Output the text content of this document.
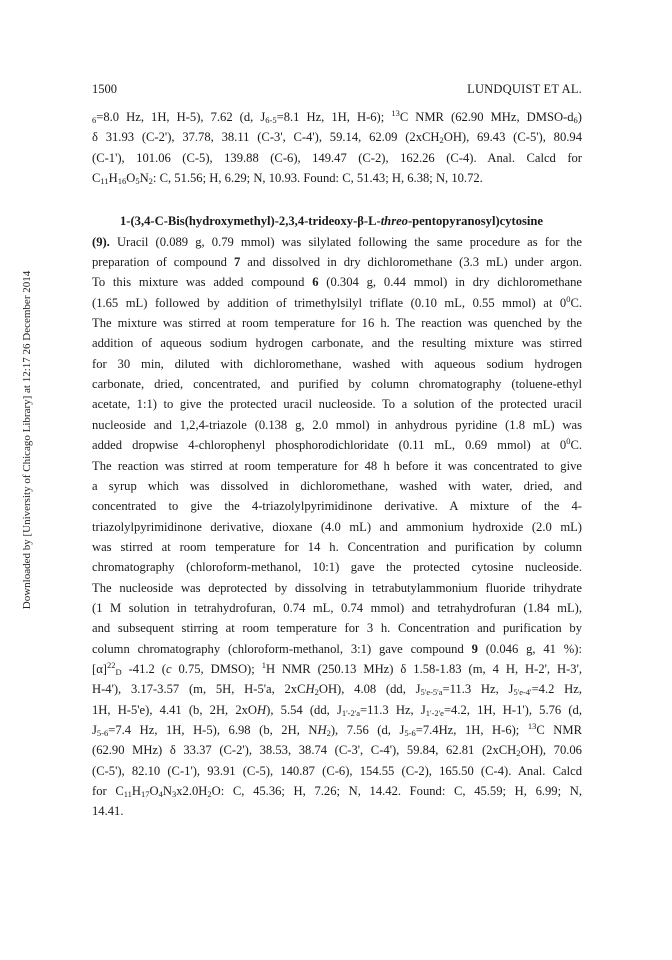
1500	LUNDQUIST ET AL.
Downloaded by [University of Chicago Library] at 12:17 26 December 2014
$_6$=8.0 Hz, 1H, H-5), 7.62 (d, $J_{6-5}=8.1$ Hz, 1H, H-6); $^{13}$C NMR (62.90 MHz, DMSO-$d_6$)
δ 31.93 (C-2'), 37.78, 38.11 (C-3', C-4'), 59.14, 62.09 (2xCH$_2$OH), 69.43 (C-5'), 80.94
(C-1'), 101.06 (C-5), 139.88 (C-6), 149.47 (C-2), 162.26 (C-4). Anal. Calcd for
$C_{11}H_{16}O_5N_2$: C, 51.56; H, 6.29; N, 10.93. Found: C, 51.43; H, 6.38; N, 10.72.
1-(3,4-C-Bis(hydroxymethyl)-2,3,4-trideoxy-β-L-threo-pentopyranosyl)cytosine
(9). Uracil (0.089 g, 0.79 mmol) was silylated following the same procedure as for the
preparation of compound 7 and dissolved in dry dichloromethane (3.3 mL) under argon.
To this mixture was added compound 6 (0.304 g, 0.44 mmol) in dry dichloromethane
(1.65 mL) followed by addition of trimethylsilyl triflate (0.10 mL, 0.55 mmol) at $0^0C$.
The mixture was stirred at room temperature for 16 h. The reaction was quenched by the
addition of aqueous sodium hydrogen carbonate, and the resulting mixture was stirred
for 30 min, diluted with dichloromethane, washed with aqueous sodium hydrogen
carbonate, dried, concentrated, and purified by column chromatography (toluene-ethyl
acetate, 1:1) to give the protected uracil nucleoside. To a solution of the protected uracil
nucleoside and 1,2,4-triazole (0.138 g, 2.0 mmol) in anhydrous pyridine (1.8 mL) was
added dropwise 4-chlorophenyl phosphorodichloridate (0.11 mL, 0.69 mmol) at $0^0C$.
The reaction was stirred at room temperature for 48 h before it was concentrated to give
a syrup which was dissolved in dichloromethane, washed with water, dried, and
concentrated to give the 4-triazolylpyrimidinone derivative. A mixture of the 4-
triazolylpyrimidinone derivative, dioxane (4.0 mL) and ammonium hydroxide (2.0 mL)
was stirred at room temperature for 14 h. Concentration and purification by column
chromatography (chloroform-methanol, 10:1) gave the protected cytosine nucleoside.
The nucleoside was deprotected by dissolving in tetrabutylammonium fluoride trihydrate
(1 M solution in tetrahydrofuran, 0.74 mL, 0.74 mmol) and tetrahydrofuran (1.84 mL),
and subsequent stirring at room temperature for 3 h. Concentration and purification by
column chromatography (chloroform-methanol, 3:1) gave compound 9 (0.046 g, 41 %):
$[\alpha]^{22}_D$ -41.2 (c 0.75, DMSO); $^1$H NMR (250.13 MHz) δ 1.58-1.83 (m, 4 H, H-2', H-3',
H-4'), 3.17-3.57 (m, 5H, H-5'a, 2xCH$_2$OH), 4.08 (dd, $J_{5'e-5'a}=11.3$ Hz, $J_{5'e-4'}=4.2$ Hz,
1H, H-5'e), 4.41 (b, 2H, 2xOH), 5.54 (dd, $J_{1'-2'a}=11.3$ Hz, $J_{1'-2'e}=4.2$, 1H, H-1'), 5.76 (d,
$J_{5-6}=7.4$ Hz, 1H, H-5), 6.98 (b, 2H, $NH_2$), 7.56 (d, $J_{5-6}=7.4Hz$, 1H, H-6); $^{13}$C NMR
(62.90 MHz) δ 33.37 (C-2'), 38.53, 38.74 (C-3', C-4'), 59.84, 62.81 (2xCH$_2$OH), 70.06
(C-5'), 82.10 (C-1'), 93.91 (C-5), 140.87 (C-6), 154.55 (C-2), 165.50 (C-4). Anal. Calcd
for $C_{11}H_{17}O_4N_3x2.0H_2O$: C, 45.36; H, 7.26; N, 14.42. Found: C, 45.59; H, 6.99; N,
14.41.
